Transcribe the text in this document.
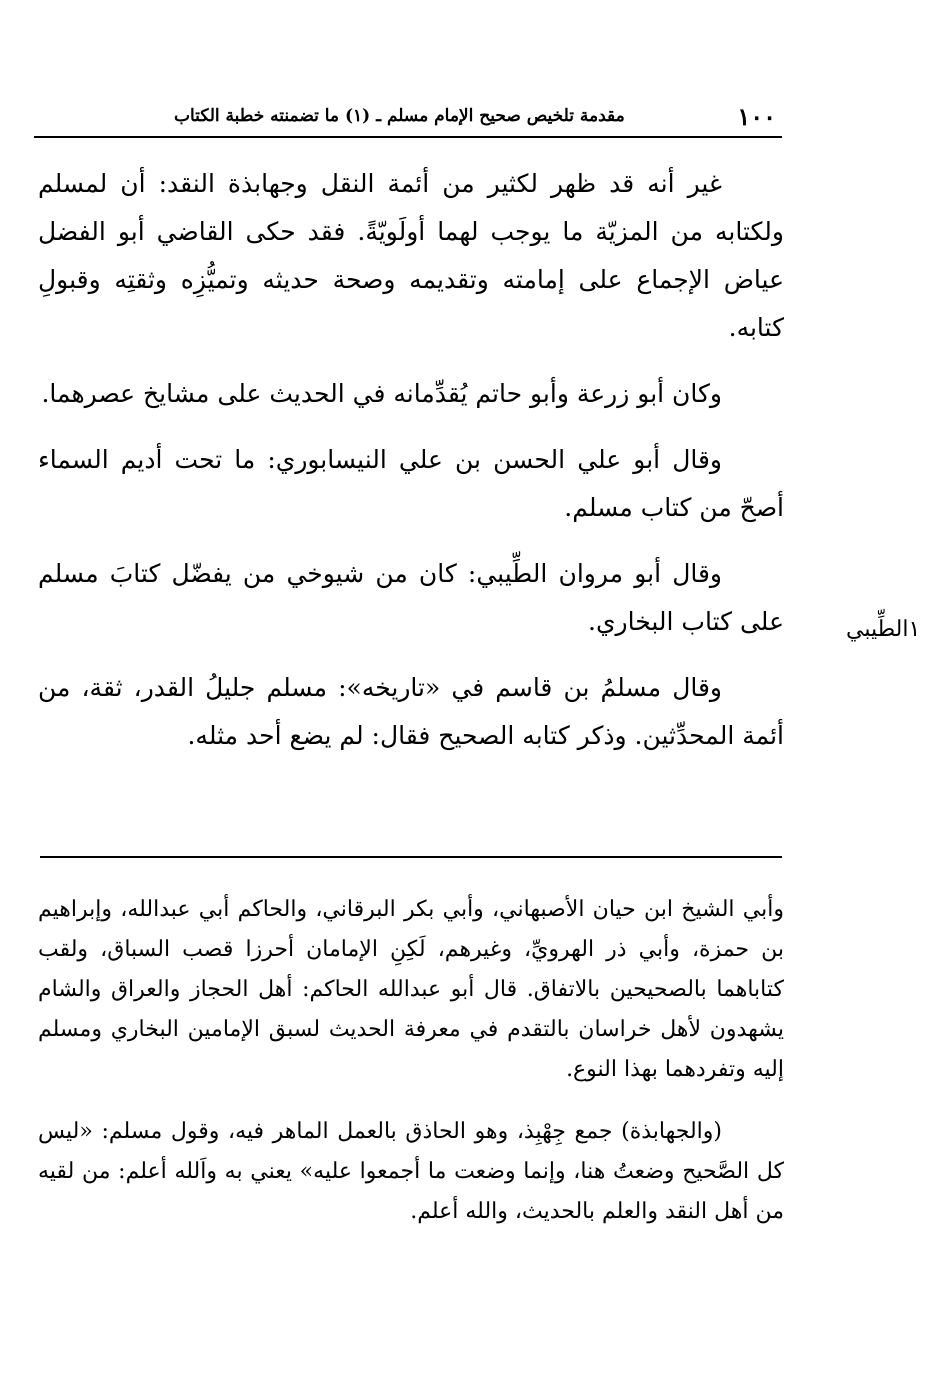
١٠٠
مقدمة تلخيص صحيح الإمام مسلم ـ (١) ما تضمنته خطبة الكتاب

غير أنه قد ظهر لكثير من أئمة النقل وجهابذة النقد: أن لمسلم ولكتابه من المزيّة ما يوجب لهما أولَويّةً. فقد حكى القاضي أبو الفضل عياض الإجماع على إمامته وتقديمه وصحة حديثه وتميُّزِه وثقتِه وقبولِ كتابه.

وكان أبو زرعة وأبو حاتم يُقدِّمانه في الحديث على مشايخ عصرهما.

وقال أبو علي الحسن بن علي النيسابوري: ما تحت أديم السماء أصحّ من كتاب مسلم.

وقال أبو مروان الطِّيبي: كان من شيوخي من يفضّل كتابَ مسلم على كتاب البخاري.

وقال مسلمُ بن قاسم في «تاريخه»: مسلم جليلُ القدر، ثقة، من أئمة المحدِّثين. وذكر كتابه الصحيح فقال: لم يضع أحد مثله.

١الطِّيبي

وأبي الشيخ ابن حيان الأصبهاني، وأبي بكر البرقاني، والحاكم أبي عبدالله، وإبراهيم بن حمزة، وأبي ذر الهرويِّ، وغيرهم، لَكِنِ الإمامان أحرزا قصب السباق، ولقب كتاباهما بالصحيحين بالاتفاق. قال أبو عبدالله الحاكم: أهل الحجاز والعراق والشام يشهدون لأهل خراسان بالتقدم في معرفة الحديث لسبق الإمامين البخاري ومسلم إليه وتفردهما بهذا النوع.

(والجهابذة) جمع جِهْبِذ، وهو الحاذق بالعمل الماهر فيه، وقول مسلم: «ليس كل الصَّحيح وضعتُ هنا، وإنما وضعت ما أجمعوا عليه» يعني به واَلله أعلم: من لقيه من أهل النقد والعلم بالحديث، والله أعلم.
